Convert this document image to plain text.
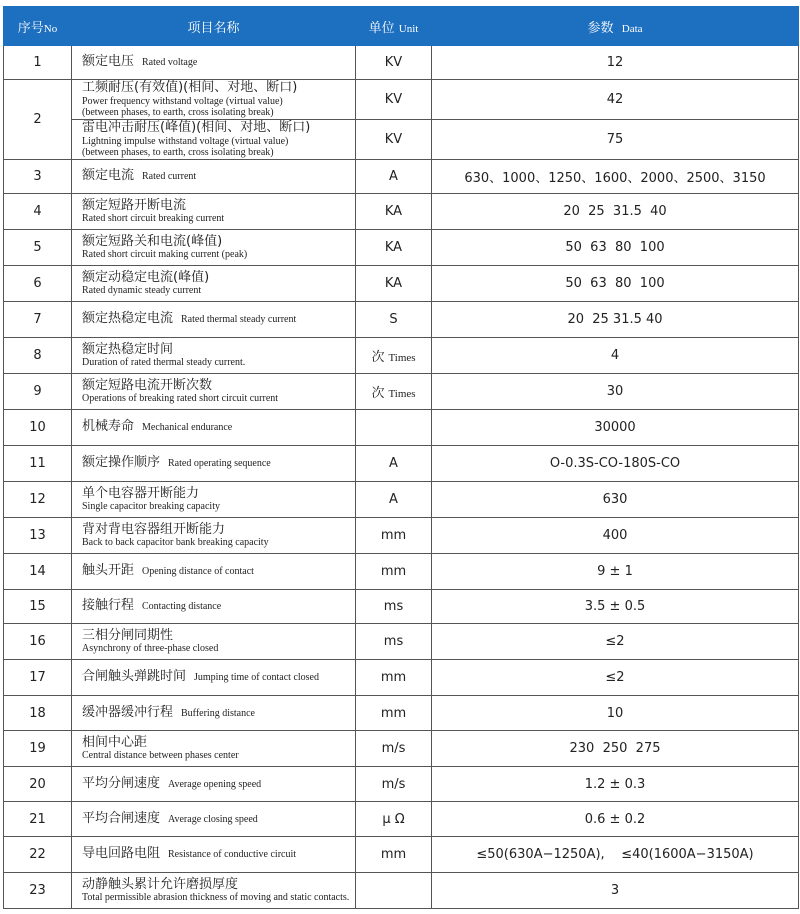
序号No	项目名称	单位 Unit	参数 Data
1	额定电压 Rated voltage	KV	12
2	工频耐压(有效值)(相间、对地、断口)
Power frequency withstand voltage (virtual value)
(between phases, to earth, cross isolating break)	KV	42
	雷电冲击耐压(峰值)(相间、对地、断口)
Lightning impulse withstand voltage (virtual value)
(between phases, to earth, cross isolating break)	KV	75
3	额定电流 Rated current	A	630、1000、1250、1600、2000、2500、3150
4	额定短路开断电流
Rated short circuit breaking current	KA	20  25  31.5  40
5	额定短路关和电流(峰值)
Rated short circuit making current (peak)	KA	50  63  80  100
6	额定动稳定电流(峰值)
Rated dynamic steady current	KA	50  63  80  100
7	额定热稳定电流 Rated thermal steady current	S	20  25 31.5 40
8	额定热稳定时间
Duration of rated thermal steady current.	次 Times	4
9	额定短路电流开断次数
Operations of breaking rated short circuit current	次 Times	30
10	机械寿命 Mechanical endurance		30000
11	额定操作顺序 Rated operating sequence	A	O-0.3S-CO-180S-CO
12	单个电容器开断能力
Single capacitor breaking capacity	A	630
13	背对背电容器组开断能力
Back to back capacitor bank breaking capacity	mm	400
14	触头开距 Opening distance of contact	mm	9 ± 1
15	接触行程 Contacting distance	ms	3.5 ± 0.5
16	三相分闸同期性
Asynchrony of three-phase closed	ms	≤2
17	合闸触头弹跳时间 Jumping time of contact closed	mm	≤2
18	缓冲器缓冲行程 Buffering distance	mm	10
19	相间中心距
Central distance between phases center	m/s	230  250  275
20	平均分闸速度 Average opening speed	m/s	1.2 ± 0.3
21	平均合闸速度 Average closing speed	μ Ω	0.6 ± 0.2
22	导电回路电阻 Resistance of conductive circuit	mm	≤50(630A−1250A),    ≤40(1600A−3150A)
23	动静触头累计允许磨损厚度
Total permissible abrasion thickness of moving and static contacts.		3
